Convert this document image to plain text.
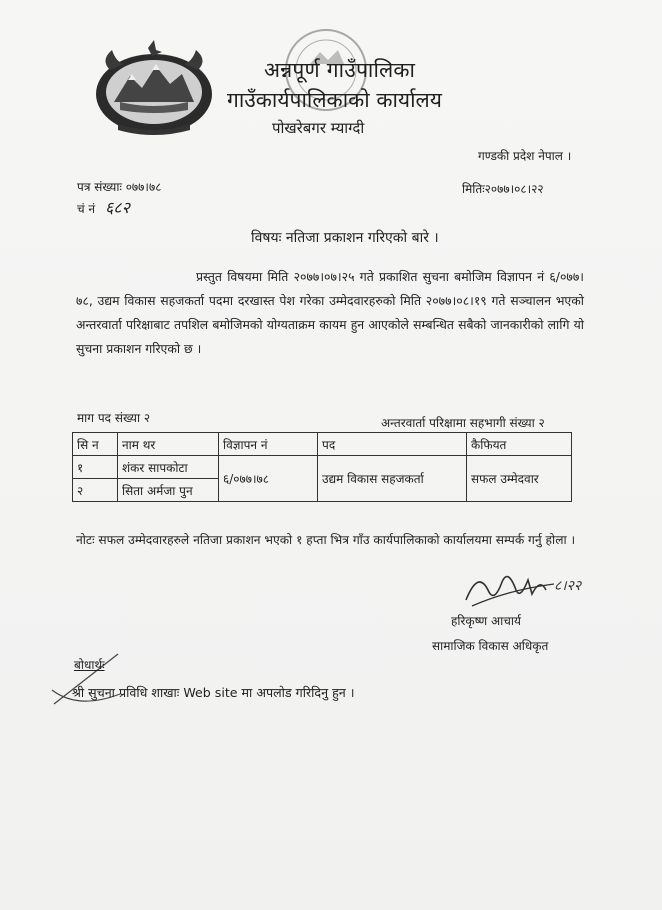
अन्नपूर्ण गाउँपालिका
गाउँकार्यपालिकाको कार्यालय
पोखरेबगर म्याग्दी
गण्डकी प्रदेश नेपाल ।
पत्र संख्याः ०७७।७८
चं नं ६८२
मितिः२०७७।०८।२२
विषयः नतिजा प्रकाशन गरिएको बारे ।
प्रस्तुत विषयमा मिति २०७७।०७।२५ गते प्रकाशित सुचना बमोजिम विज्ञापन नं ६/०७७।७८, उद्यम विकास सहजकर्ता पदमा दरखास्त पेश गरेका उम्मेदवारहरुको मिति २०७७।०८।१९ गते सञ्चालन भएको अन्तरवार्ता परिक्षाबाट तपशिल बमोजिमको योग्यताक्रम कायम हुन आएकोले सम्बन्धित सबैको जानकारीको लागि यो सुचना प्रकाशन गरिएको छ ।
माग पद संख्या २	अन्तरवार्ता परिक्षामा सहभागी संख्या २
सि न	नाम थर	विज्ञापन नं	पद	कैफियत
१	शंकर सापकोटा	६/०७७।७८	उद्यम विकास सहजकर्ता	सफल उम्मेदवार
२	सिता अर्मजा पुन			
नोटः सफल उम्मेदवारहरुले नतिजा प्रकाशन भएको १ हप्ता भित्र गाँउ कार्यपालिकाको कार्यालयमा सम्पर्क गर्नु होला ।
८।२२
हरिकृष्ण आचार्य
सामाजिक विकास अधिकृत
बोधार्थः
श्री सुचना प्रविधि शाखाः Web site मा अपलोड गरिदिनु हुन ।
